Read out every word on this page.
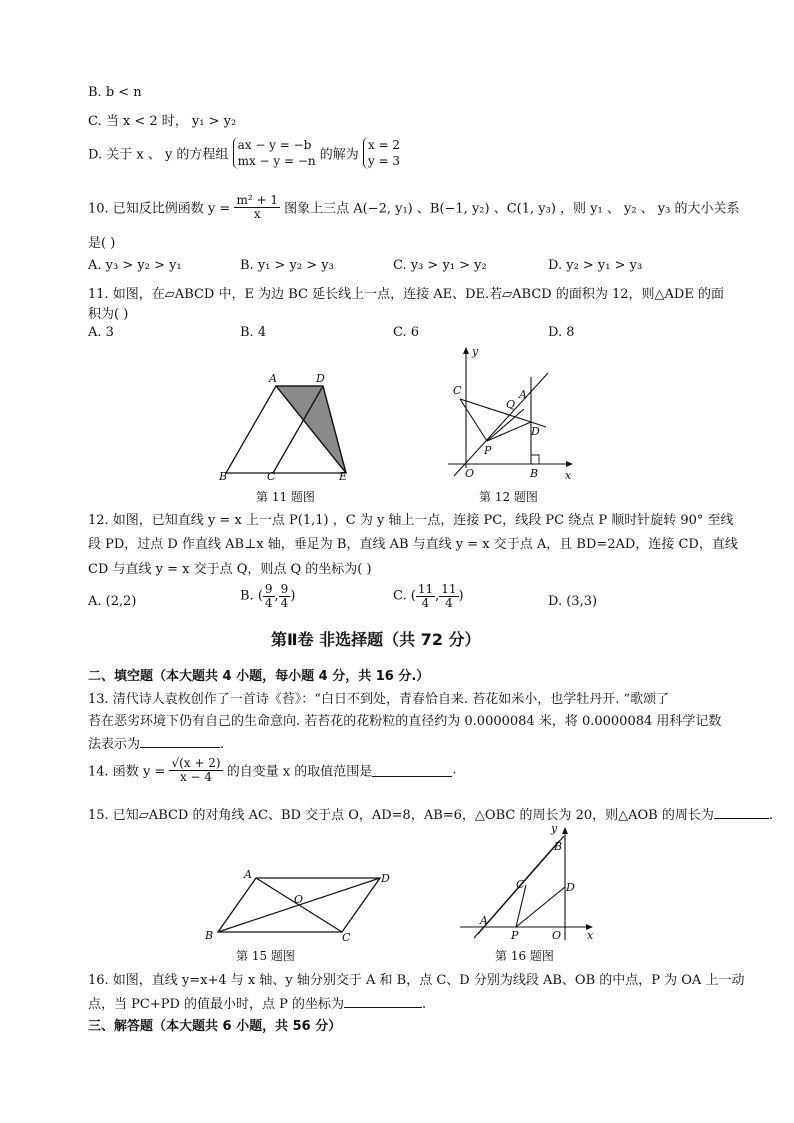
B. b < n
C. 当 x < 2 时， y₁ > y₂
D. 关于 x 、 y 的方程组
ax − y = −b
mx − y = −n 的解为
x = 2
y = 3
10. 已知反比例函数 $y = \frac{\text{m² + 1}}{x}$ 图象上三点 A(−2, y₁) 、B(−1, y₂) 、C(1, y₃) ，则 y₁ 、 y₂ 、 y₃ 的大小关系
是( )
A. y₃ > y₂ > y₁	B. y₁ > y₂ > y₃	C. y₃ > y₁ > y₂	D. y₂ > y₁ > y₃
11. 如图，在▱ABCD 中，E 为边 BC 延长线上一点，连接 AE、DE.若▱ABCD 的面积为 12，则△ADE 的面
积为( )
A. 3	B. 4	C. 6	D. 8
A	D
B	C	E
第 11 题图
y
C	A
Q
D
P
O	B x
第 12 题图
12. 如图，已知直线 y = x 上一点 P(1,1) ，C 为 y 轴上一点，连接 PC，线段 PC 绕点 P 顺时针旋转 90° 至线
段 PD，过点 D 作直线 AB⊥x 轴，垂足为 B，直线 AB 与直线 y = x 交于点 A，且 BD=2AD，连接 CD，直线
CD 与直线 y = x 交于点 Q，则点 Q 的坐标为( )
A. (2,2)	B. ( $\frac{9}{4}$ , $\frac{9}{4}$ )	C. ( $\frac{11}{4}$ , $\frac{11}{4}$ )	D. (3,3)
第Ⅱ卷 非选择题（共 72 分）
二、填空题（本大题共 4 小题，每小题 4 分，共 16 分.）
13. 清代诗人袁枚创作了一首诗《苔》：“白日不到处，青春恰自来. 苔花如米小，也学牡丹开. ”歌颂了
苔在恶劣环境下仍有自己的生命意向. 若苔花的花粉粒的直径约为 0.0000084 米，将 0.0000084 用科学记数
法表示为	.
14. 函数 $y = \frac{√(x + 2)}{x - 4}$ 的自变量 x 的取值范围是	.
15. 已知▱ABCD 的对角线 AC、BD 交于点 O，AD=8，AB=6，△OBC 的周长为 20，则△AOB 的周长为	.
A	D
O
B	C
第 15 题图
y
B
C	D
A
P	O x
第 16 题图
16. 如图，直线 y=x+4 与 x 轴、y 轴分别交于 A 和 B，点 C、D 分别为线段 AB、OB 的中点，P 为 OA 上一动
点，当 PC+PD 的值最小时，点 P 的坐标为	.
三、解答题（本大题共 6 小题，共 56 分）
